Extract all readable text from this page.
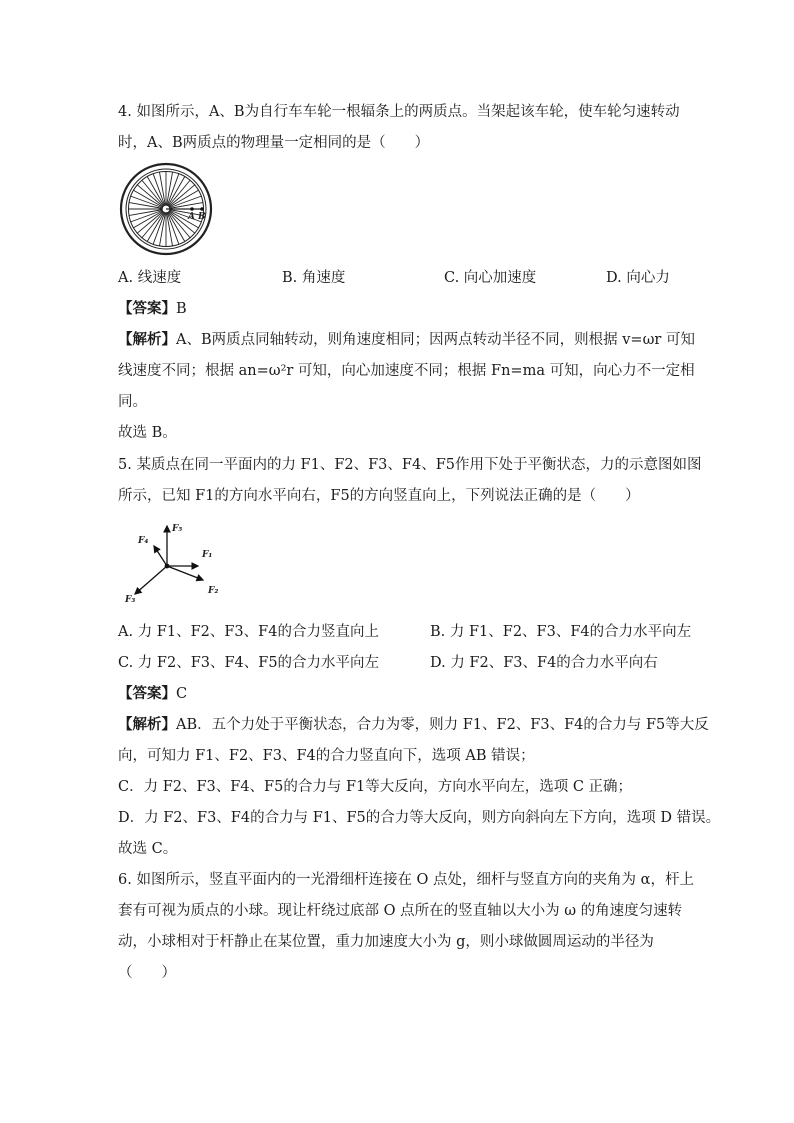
4. 如图所示，A、B为自行车车轮一根辐条上的两质点。当架起该车轮，使车轮匀速转动
时，A、B两质点的物理量一定相同的是（　　）
A B
A. 线速度	B. 角速度	C. 向心加速度	D. 向心力
【答案】B
【解析】A、B两质点同轴转动，则角速度相同；因两点转动半径不同，则根据 v=ωr 可知
线速度不同；根据 an=ω²r 可知，向心加速度不同；根据 Fn=ma 可知，向心力不一定相
同。
故选 B。
5. 某质点在同一平面内的力 F1、F2、F3、F4、F5作用下处于平衡状态，力的示意图如图
所示，已知 F1的方向水平向右，F5的方向竖直向上，下列说法正确的是（　　）
F₅
F₁
F₂
F₃
F₄
A. 力 F1、F2、F3、F4的合力竖直向上	B. 力 F1、F2、F3、F4的合力水平向左
C. 力 F2、F3、F4、F5的合力水平向左	D. 力 F2、F3、F4的合力水平向右
【答案】C
【解析】AB．五个力处于平衡状态，合力为零，则力 F1、F2、F3、F4的合力与 F5等大反
向，可知力 F1、F2、F3、F4的合力竖直向下，选项 AB 错误；
C．力 F2、F3、F4、F5的合力与 F1等大反向，方向水平向左，选项 C 正确；
D．力 F2、F3、F4的合力与 F1、F5的合力等大反向，则方向斜向左下方向，选项 D 错误。
故选 C。
6. 如图所示，竖直平面内的一光滑细杆连接在 O 点处，细杆与竖直方向的夹角为 α，杆上
套有可视为质点的小球。现让杆绕过底部 O 点所在的竖直轴以大小为 ω 的角速度匀速转
动，小球相对于杆静止在某位置，重力加速度大小为 g，则小球做圆周运动的半径为
（　　）
